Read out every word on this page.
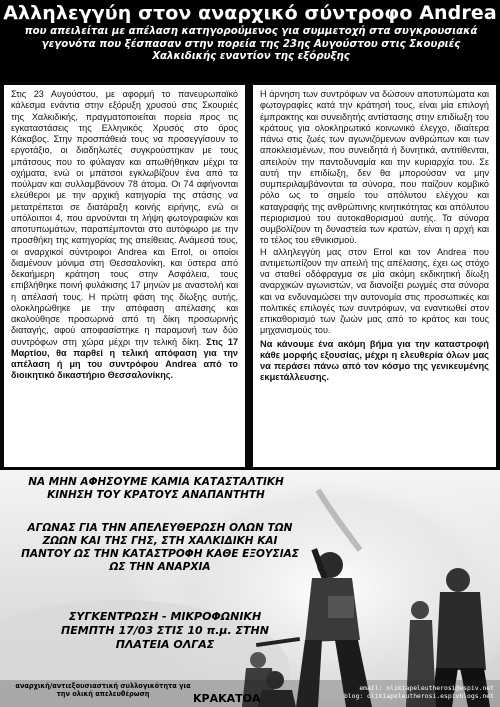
Αλληλεγγύη στον αναρχικό σύντροφο Andrea
που απειλείται με απέλαση κατηγορούμενος για συμμετοχή στα συγκρουσιακά γεγονότα που ξέσπασαν στην πορεία της 23ης Αυγούστου στις Σκουριές Χαλκιδικής εναντίον της εξόρυξης

Στις 23 Αυγούστου, με αφορμή το πανευρωπαϊκό κάλεσμα ενάντια στην εξόρυξη χρυσού στις Σκουριές της Χαλκιδικής, πραγματοποιείται πορεία προς τις εγκαταστάσεις της Ελληνικός Χρυσός στο όρος Κάκαβος. Στην προσπάθειά τους να προσεγγίσουν το εργοτάξιο, οι διαδηλωτές συγκρούστηκαν με τους μπάτσους που το φύλαγαν και απωθήθηκαν μέχρι τα οχήματα, ενώ οι μπάτσοι εγκλωβίζουν ένα από τα πούλμαν και συλλαμβάνουν 78 άτομα. Οι 74 αφήνονται ελεύθεροι με την αρχική κατηγορία της στάσης να μετατρέπεται σε διατάραξη κοινής ειρήνης, ενώ οι υπόλοιποι 4, που αρνούνται τη λήψη φωτογραφιών και αποτυπωμάτων, παραπέμπονται στο αυτόφωρο με την προσθήκη της κατηγορίας της απείθειας. Ανάμεσά τους, οι αναρχικοί σύντροφοι Andrea και Errol, οι οποίοι διαμένουν μόνιμα στη Θεσσαλονίκη, και ύστερα από δεκαήμερη κράτηση τους στην Ασφάλεια, τους επιβλήθηκε ποινή φυλάκισης 17 μηνών με αναστολή και η απέλασή τους. Η πρώτη φάση της δίωξης αυτής, ολοκληρώθηκε με την απόφαση απέλασης και ακολούθησε προσωρινά από τη δίκη προσωρινής διαταγής, αφού αποφασίστηκε η παραμονή των δύο συντρόφων στη χώρα μέχρι την τελική δίκη. Στις 17 Μαρτίου, θα παρθεί η τελική απόφαση για την απέλαση ή μη του συντρόφου Andrea από το διοικητικό δικαστήριο Θεσσαλονίκης.

Η άρνηση των συντρόφων να δώσουν αποτυπώματα και φωτογραφίες κατά την κράτησή τους, είναι μία επιλογή έμπρακτης και συνειδητής αντίστασης στην επιδίωξη του κράτους για ολοκληρωτικό κοινωνικό έλεγχο, ιδιαίτερα πάνω στις ζωές των αγωνιζόμενων ανθρώπων και των αποκλεισμένων, που συνειδητά ή δυνητικά, αντιτίθενται, απειλούν την παντοδυναμία και την κυριαρχία του. Σε αυτή την επιδίωξη, δεν θα μπορούσαν να μην συμπεριλαμβάνονται τα σύνορα, που παίζουν κομβικό ρόλο ως το σημείο του απόλυτου ελέγχου και καταγραφής της ανθρώπινης κινητικότητας και απόλυτου περιορισμού του αυτοκαθορισμού αυτής. Τα σύνορα συμβολίζουν τη δυναστεία των κρατών, είναι η αρχή και το τέλος του εθνικισμού.

Η αλληλεγγύη μας στον Errol και τον Andrea που αντιμετωπίζουν την απειλή της απέλασης, έχει ως στόχο να σταθεί οδόφραγμα σε μία ακόμη εκδικητική δίωξη αναρχικών αγωνιστών, να διανοίξει ρωγμές στα σύνορα και να ενδυναμώσει την αυτονομία στις προσωπικές και πολιτικές επιλογές των συντρόφων, να εναντιωθεί στον επικαθορισμό των ζωών μας από το κράτος και τους μηχανισμούς του.

Να κάνουμε ένα ακόμη βήμα για την καταστροφή κάθε μορφής εξουσίας, μέχρι η ελευθερία όλων μας να περάσει πάνω από τον κόσμο της γενικευμένης εκμετάλλευσης.

ΝΑ ΜΗΝ ΑΦΗΣΟΥΜΕ ΚΑΜΙΑ ΚΑΤΑΣΤΑΛΤΙΚΗ ΚΙΝΗΣΗ ΤΟΥ ΚΡΑΤΟΥΣ ΑΝΑΠΑΝΤΗΤΗ
ΑΓΩΝΑΣ ΓΙΑ ΤΗΝ ΑΠΕΛΕΥΘΕΡΩΣΗ ΟΛΩΝ ΤΩΝ ΖΩΩΝ ΚΑΙ ΤΗΣ ΓΗΣ, ΣΤΗ ΧΑΛΚΙΔΙΚΗ ΚΑΙ ΠΑΝΤΟΥ ΩΣ ΤΗΝ ΚΑΤΑΣΤΡΟΦΗ ΚΑΘΕ ΕΞΟΥΣΙΑΣ ΩΣ ΤΗΝ ΑΝΑΡΧΙΑ
ΣΥΓΚΕΝΤΡΩΣΗ - ΜΙΚΡΟΦΩΝΙΚΗ ΠΕΜΠΤΗ 17/03 ΣΤΙΣ 10 π.μ. ΣΤΗΝ ΠΛΑΤΕΙΑ ΟΛΓΑΣ
αναρχική/αντιεξουσιαστική συλλογικότητα για την ολική απελευθέρωση	ΚΡΑΚΑΤΟΑ
email: olikiapeleutherosi@espiv.net
blog: olikiapeleutherosi.espivblogs.net
